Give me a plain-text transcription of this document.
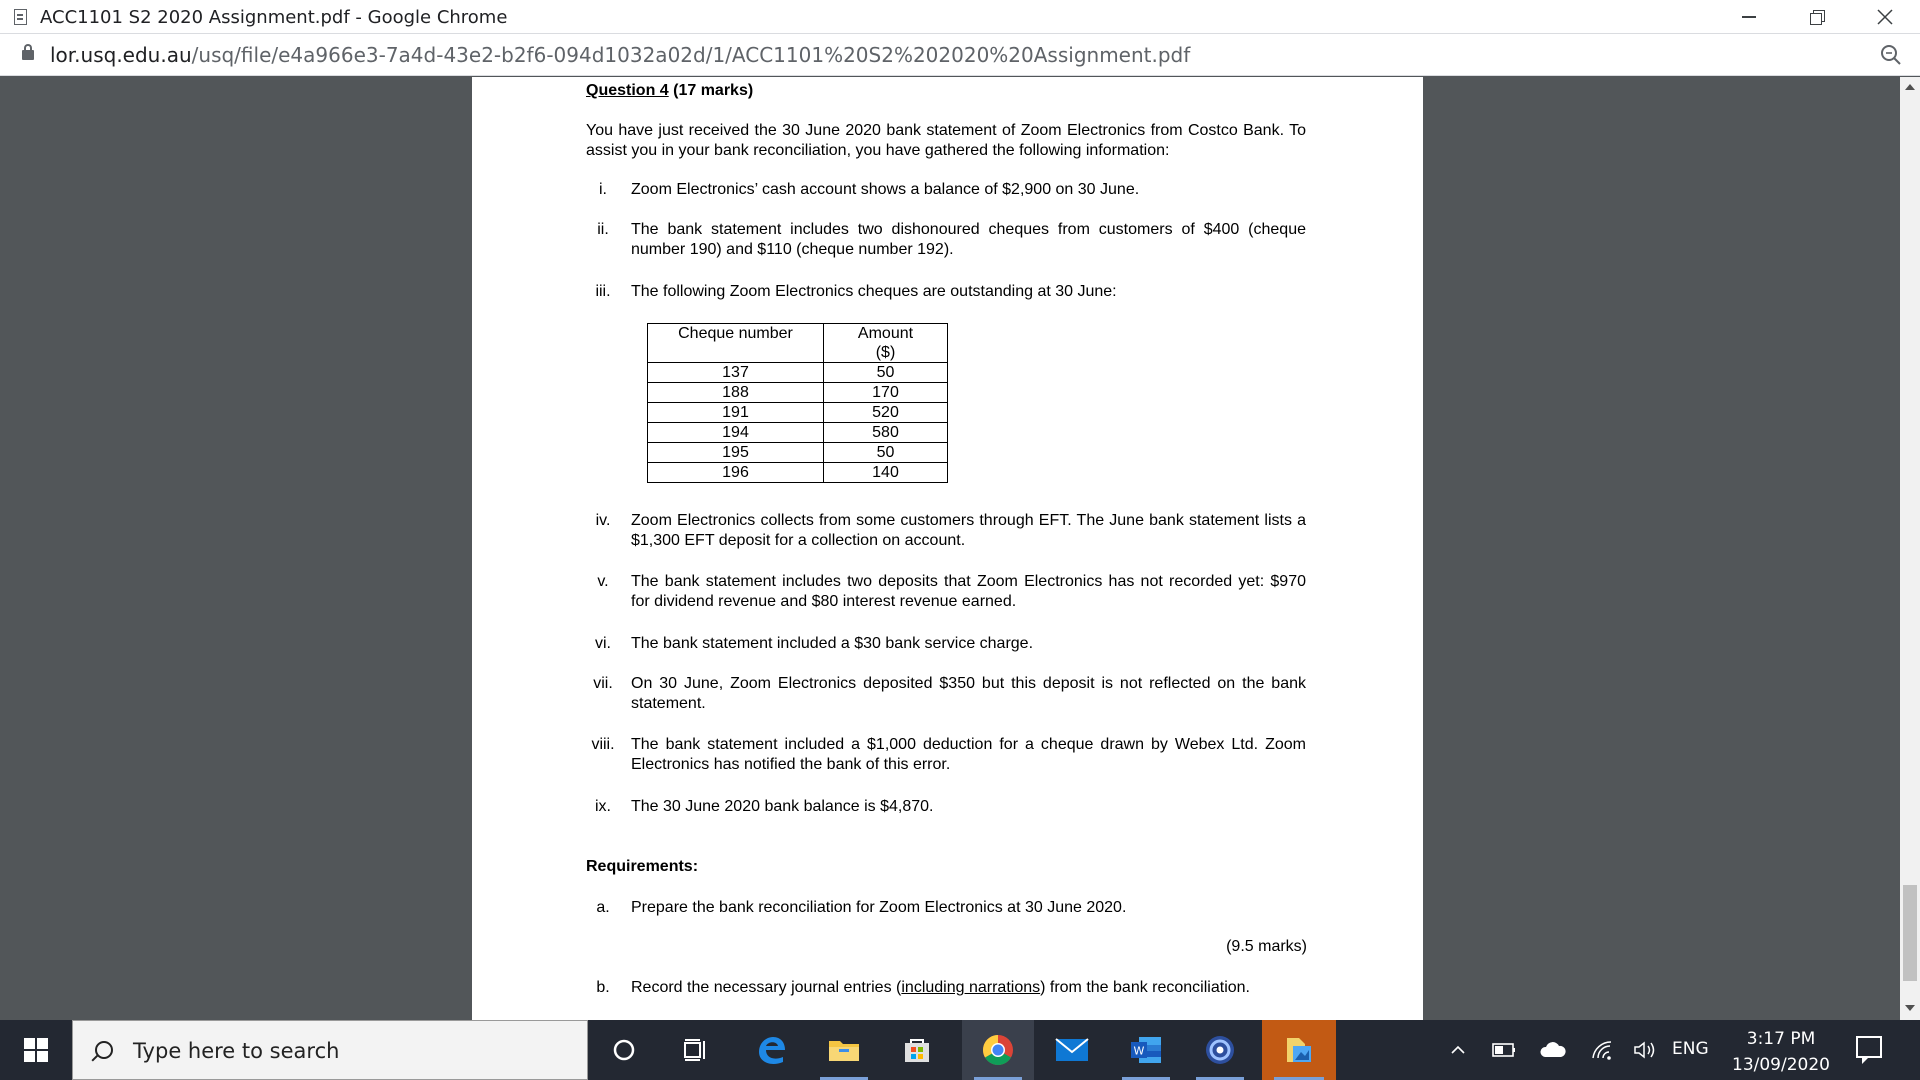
ACC1101 S2 2020 Assignment.pdf - Google Chrome
lor.usq.edu.au/usq/file/e4a966e3-7a4d-43e2-b2f6-094d1032a02d/1/ACC1101%20S2%202020%20Assignment.pdf
Question 4 (17 marks)
You have just received the 30 June 2020 bank statement of Zoom Electronics from Costco Bank. To assist you in your bank reconciliation, you have gathered the following information:
i.	Zoom Electronics’ cash account shows a balance of $2,900 on 30 June.
ii.	The bank statement includes two dishonoured cheques from customers of $400 (cheque number 190) and $110 (cheque number 192).
iii.	The following Zoom Electronics cheques are outstanding at 30 June:
Cheque number	Amount
($)

137	50
188	170
191	520
194	580
195	50
196	140
iv.	Zoom Electronics collects from some customers through EFT. The June bank statement lists a $1,300 EFT deposit for a collection on account.
v.	The bank statement includes two deposits that Zoom Electronics has not recorded yet: $970 for dividend revenue and $80 interest revenue earned.
vi.	The bank statement included a $30 bank service charge.
vii.	On 30 June, Zoom Electronics deposited $350 but this deposit is not reflected on the bank statement.
viii.	The bank statement included a $1,000 deduction for a cheque drawn by Webex Ltd. Zoom Electronics has notified the bank of this error.
ix.	The 30 June 2020 bank balance is $4,870.
Requirements:
a.	Prepare the bank reconciliation for Zoom Electronics at 30 June 2020.
(9.5 marks)
b.	Record the necessary journal entries (including narrations) from the bank reconciliation.
Type here to search	W	ENG	3:17 PM
13/09/2020
